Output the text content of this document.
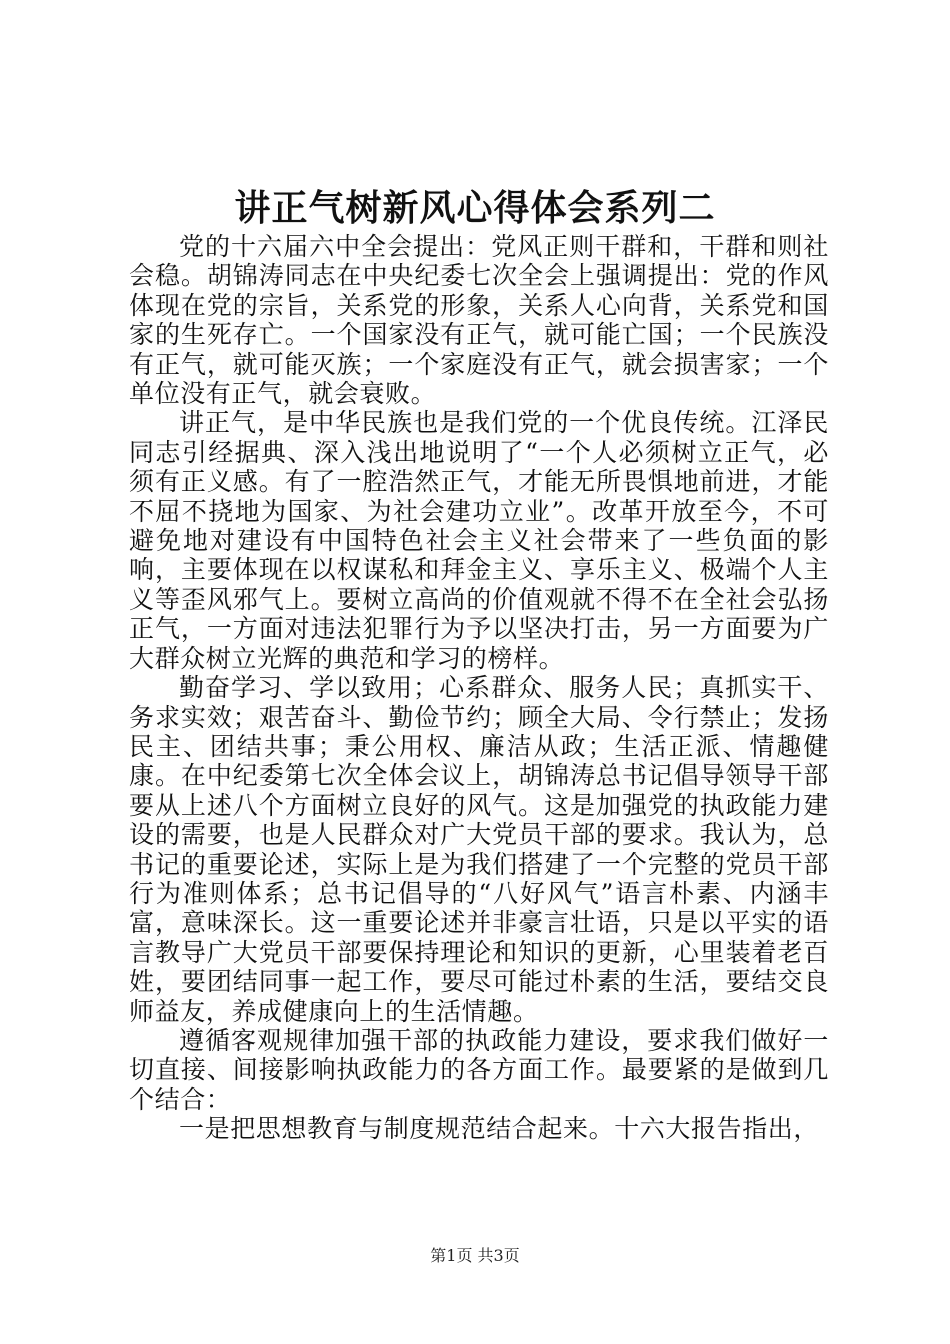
讲正气树新风心得体会系列二

党的十六届六中全会提出：党风正则干群和，干群和则社会稳。胡锦涛同志在中央纪委七次全会上强调提出：党的作风体现在党的宗旨，关系党的形象，关系人心向背，关系党和国家的生死存亡。一个国家没有正气，就可能亡国；一个民族没有正气，就可能灭族；一个家庭没有正气，就会损害家；一个单位没有正气，就会衰败。

讲正气，是中华民族也是我们党的一个优良传统。江泽民同志引经据典、深入浅出地说明了“一个人必须树立正气，必须有正义感。有了一腔浩然正气，才能无所畏惧地前进，才能不屈不挠地为国家、为社会建功立业”。改革开放至今，不可避免地对建设有中国特色社会主义社会带来了一些负面的影响，主要体现在以权谋私和拜金主义、享乐主义、极端个人主义等歪风邪气上。要树立高尚的价值观就不得不在全社会弘扬正气，一方面对违法犯罪行为予以坚决打击，另一方面要为广大群众树立光辉的典范和学习的榜样。

勤奋学习、学以致用；心系群众、服务人民；真抓实干、务求实效；艰苦奋斗、勤俭节约；顾全大局、令行禁止；发扬民主、团结共事；秉公用权、廉洁从政；生活正派、情趣健康。在中纪委第七次全体会议上，胡锦涛总书记倡导领导干部要从上述八个方面树立良好的风气。这是加强党的执政能力建设的需要，也是人民群众对广大党员干部的要求。我认为，总书记的重要论述，实际上是为我们搭建了一个完整的党员干部行为准则体系；总书记倡导的“八好风气”语言朴素、内涵丰富，意味深长。这一重要论述并非豪言壮语，只是以平实的语言教导广大党员干部要保持理论和知识的更新，心里装着老百姓，要团结同事一起工作，要尽可能过朴素的生活，要结交良师益友，养成健康向上的生活情趣。

遵循客观规律加强干部的执政能力建设，要求我们做好一切直接、间接影响执政能力的各方面工作。最要紧的是做到几个结合：

一是把思想教育与制度规范结合起来。十六大报告指出，

第1页 共3页
